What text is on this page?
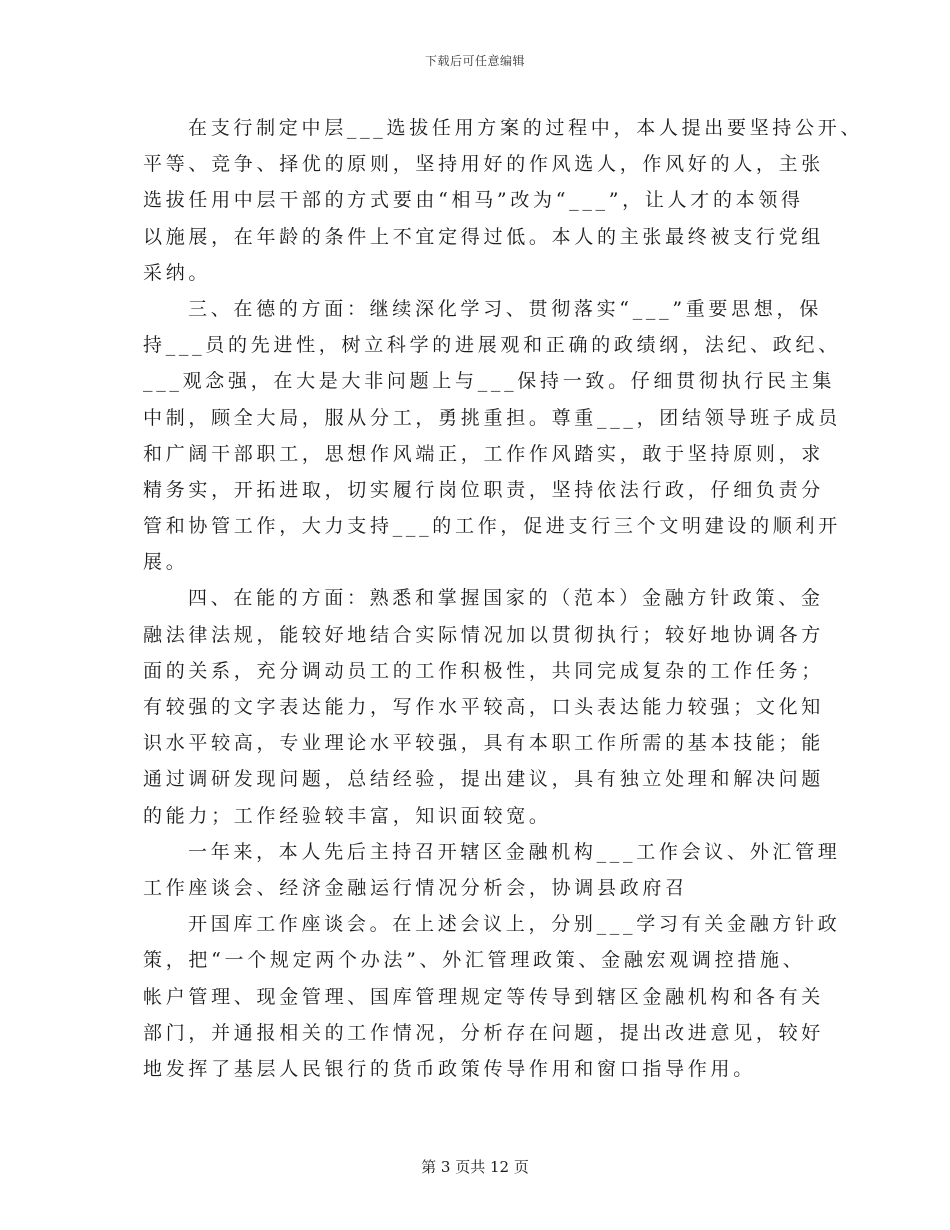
下载后可任意编辑
在支行制定中层___选拔任用方案的过程中，本人提出要坚持公开、
平等、竞争、择优的原则，坚持用好的作风选人，作风好的人，主张
选拔任用中层干部的方式要由“相马”改为“___”，让人才的本领得
以施展，在年龄的条件上不宜定得过低。本人的主张最终被支行党组
采纳。
三、在德的方面：继续深化学习、贯彻落实“___”重要思想，保
持___员的先进性，树立科学的进展观和正确的政绩纲，法纪、政纪、
___观念强，在大是大非问题上与___保持一致。仔细贯彻执行民主集
中制，顾全大局，服从分工，勇挑重担。尊重___，团结领导班子成员
和广阔干部职工，思想作风端正，工作作风踏实，敢于坚持原则，求
精务实，开拓进取，切实履行岗位职责，坚持依法行政，仔细负责分
管和协管工作，大力支持___的工作，促进支行三个文明建设的顺利开
展。
四、在能的方面：熟悉和掌握国家的（范本）金融方针政策、金
融法律法规，能较好地结合实际情况加以贯彻执行；较好地协调各方
面的关系，充分调动员工的工作积极性，共同完成复杂的工作任务；
有较强的文字表达能力，写作水平较高，口头表达能力较强；文化知
识水平较高，专业理论水平较强，具有本职工作所需的基本技能；能
通过调研发现问题，总结经验，提出建议，具有独立处理和解决问题
的能力；工作经验较丰富，知识面较宽。
一年来，本人先后主持召开辖区金融机构___工作会议、外汇管理
工作座谈会、经济金融运行情况分析会，协调县政府召
开国库工作座谈会。在上述会议上，分别___学习有关金融方针政
策，把“一个规定两个办法”、外汇管理政策、金融宏观调控措施、
帐户管理、现金管理、国库管理规定等传导到辖区金融机构和各有关
部门，并通报相关的工作情况，分析存在问题，提出改进意见，较好
地发挥了基层人民银行的货币政策传导作用和窗口指导作用。
第 3 页共 12 页
